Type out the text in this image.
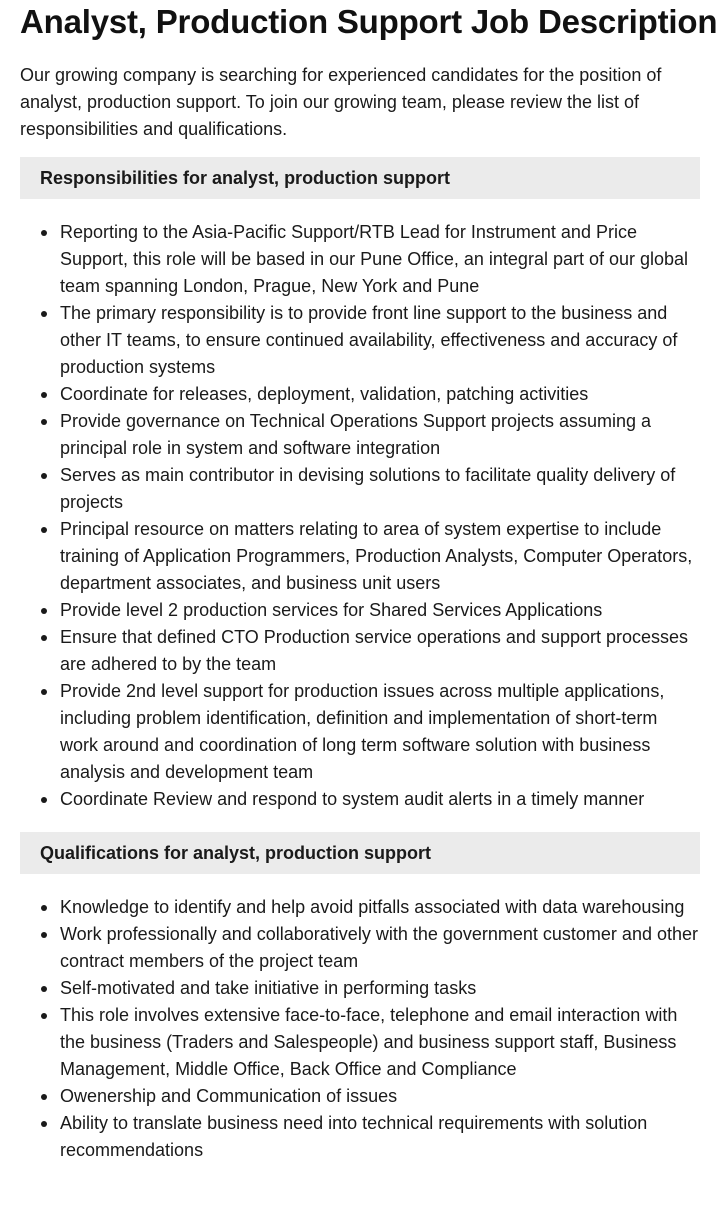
Analyst, Production Support Job Description

Our growing company is searching for experienced candidates for the position of analyst, production support. To join our growing team, please review the list of responsibilities and qualifications.

Responsibilities for analyst, production support
Reporting to the Asia-Pacific Support/RTB Lead for Instrument and Price Support, this role will be based in our Pune Office, an integral part of our global team spanning London, Prague, New York and Pune
The primary responsibility is to provide front line support to the business and other IT teams, to ensure continued availability, effectiveness and accuracy of production systems
Coordinate for releases, deployment, validation, patching activities
Provide governance on Technical Operations Support projects assuming a principal role in system and software integration
Serves as main contributor in devising solutions to facilitate quality delivery of projects
Principal resource on matters relating to area of system expertise to include training of Application Programmers, Production Analysts, Computer Operators, department associates, and business unit users
Provide level 2 production services for Shared Services Applications
Ensure that defined CTO Production service operations and support processes are adhered to by the team
Provide 2nd level support for production issues across multiple applications, including problem identification, definition and implementation of short-term work around and coordination of long term software solution with business analysis and development team
Coordinate Review and respond to system audit alerts in a timely manner
Qualifications for analyst, production support
Knowledge to identify and help avoid pitfalls associated with data warehousing
Work professionally and collaboratively with the government customer and other contract members of the project team
Self-motivated and take initiative in performing tasks
This role involves extensive face-to-face, telephone and email interaction with the business (Traders and Salespeople) and business support staff, Business Management, Middle Office, Back Office and Compliance
Owenership and Communication of issues
Ability to translate business need into technical requirements with solution recommendations
